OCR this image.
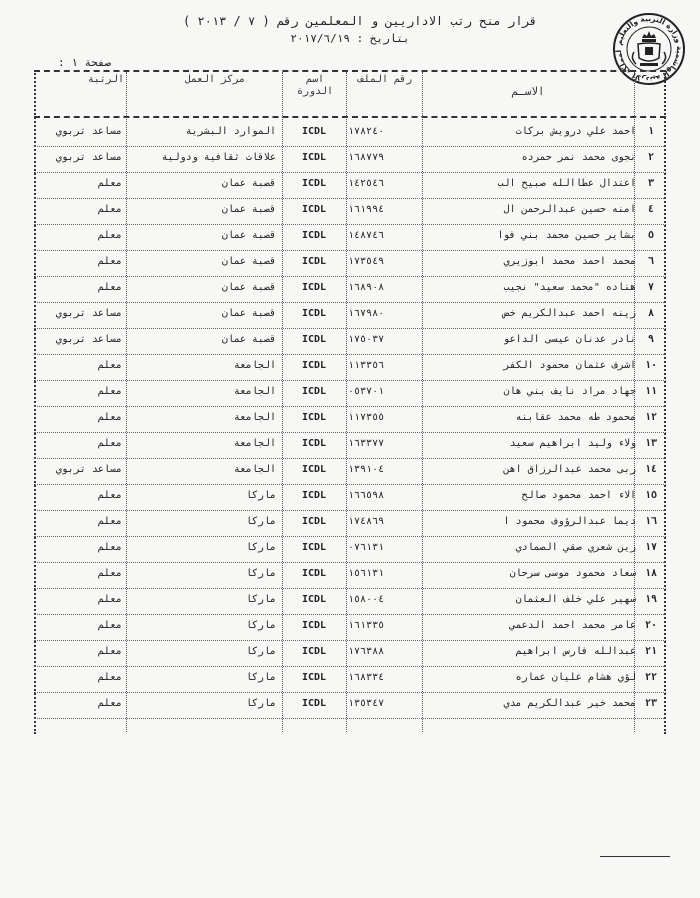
قرار منح رتب الاداريين و المعلمين رقم ( ٧ / ٢٠١٣ )
بتاريخ : ٢٠١٧/٦/١٩
صفحة ١ :
لمملكة الأردنية الهاشمية وزارة التربية والتعليم
الاسـم
رقم الملف
اسم الدورة
مركز العمل
الرتبة
١
احمد علي درويش بركات
١٧٨٢٤٠
ICDL
الموارد البشرية
مساعد تربوي
٢
نجوى محمد نمر حمرده
١٦٨٧٧٩
ICDL
علاقات ثقافية ودولية
مساعد تربوي
٣
اعتدال عطاالله صبيح الب
١٤٢٥٤٦
ICDL
قصبة عمان
معلم
٤
امنه حسين عبدالرحمن ال
١٦١٩٩٤
ICDL
قصبة عمان
معلم
٥
بشاير حسين محمد بني فوا
١٤٨٧٤٦
ICDL
قصبة عمان
معلم
٦
محمد احمد محمد ابوزيري
١٧٣٥٤٩
ICDL
قصبة عمان
معلم
٧
هناده "محمد سعيد" نجيب
١٦٨٩٠٨
ICDL
قصبة عمان
معلم
٨
زينه احمد عبدالكريم خض
١٦٧٩٨٠
ICDL
قصبة عمان
مساعد تربوي
٩
نادر عدنان عيسى الداعو
١٧٥٠٣٧
ICDL
قصبة عمان
مساعد تربوي
١٠
اشرف عثمان محمود الكفر
١١٣٣٥٦
ICDL
الجامعة
معلم
١١
جهاد مراد نايف بني هان
٠٥٣٧٠١
ICDL
الجامعة
معلم
١٢
محمود طه محمد عقابنه
١١٧٣٥٥
ICDL
الجامعة
معلم
١٣
ولاء وليد ابراهيم سعيد
١٦٣٣٧٧
ICDL
الجامعة
معلم
١٤
ربى محمد عبدالرزاق اهن
١٣٩١٠٤
ICDL
الجامعة
مساعد تربوي
١٥
الاء احمد محمود صالح
١٦٦٥٩٨
ICDL
ماركا
معلم
١٦
ديما عبدالرؤوف محمود ا
١٧٤٨٦٩
ICDL
ماركا
معلم
١٧
زين شعري صقي الصمادي
٠٧٦١٣١
ICDL
ماركا
معلم
١٨
سعاد محمود موسى سرحان
١٥٦١٣١
ICDL
ماركا
معلم
١٩
سهير علي خلف العثمان
١٥٨٠٠٤
ICDL
ماركا
معلم
٢٠
عامر محمد احمد الدعمي
١٦١٣٣٥
ICDL
ماركا
معلم
٢١
عبدالله فارس ابراهيم
١٧٦٣٨٨
ICDL
ماركا
معلم
٢٢
لؤي هشام عليان عماره
١٦٨٣٣٤
ICDL
ماركا
معلم
٢٣
محمد خير عبدالكريم مدي
١٣٥٣٤٧
ICDL
ماركا
معلم
